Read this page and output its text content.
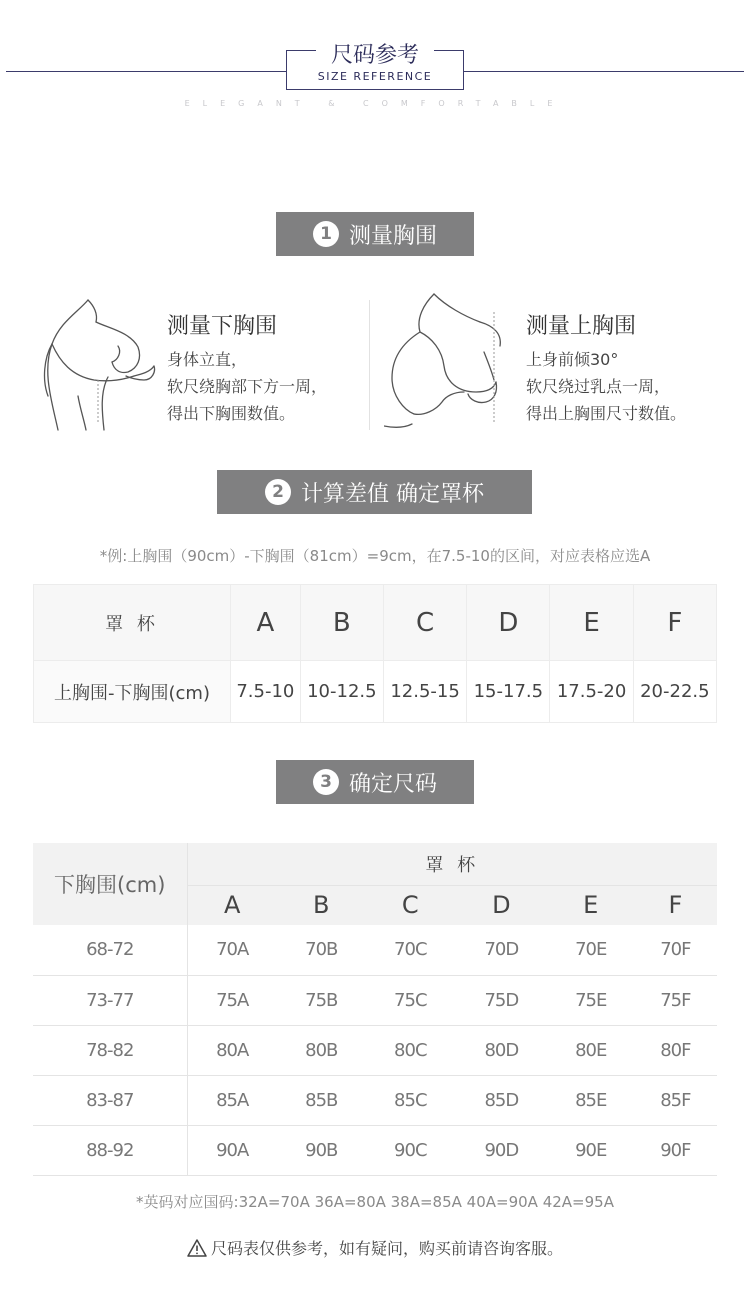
尺码参考
SIZE REFERENCE
ELEGANT & COMFORTABLE
1 测量胸围
测量下胸围
身体立直，
软尺绕胸部下方一周，
得出下胸围数值。
测量上胸围
上身前倾30°
软尺绕过乳点一周，
得出上胸围尺寸数值。
2 计算差值 确定罩杯
*例:上胸围（90cm）-下胸围（81cm）=9cm，在7.5-10的区间，对应表格应选A
罩 杯	A	B	C	D	E	F
上胸围-下胸围(cm)	7.5-10	10-12.5	12.5-15	15-17.5	17.5-20	20-22.5
3 确定尺码
下胸围(cm)	罩 杯					
	A	B	C	D	E	F
68-72	70A	70B	70C	70D	70E	70F
73-77	75A	75B	75C	75D	75E	75F
78-82	80A	80B	80C	80D	80E	80F
83-87	85A	85B	85C	85D	85E	85F
88-92	90A	90B	90C	90D	90E	90F
*英码对应国码:32A=70A 36A=80A 38A=85A 40A=90A 42A=95A
尺码表仅供参考，如有疑问，购买前请咨询客服。
